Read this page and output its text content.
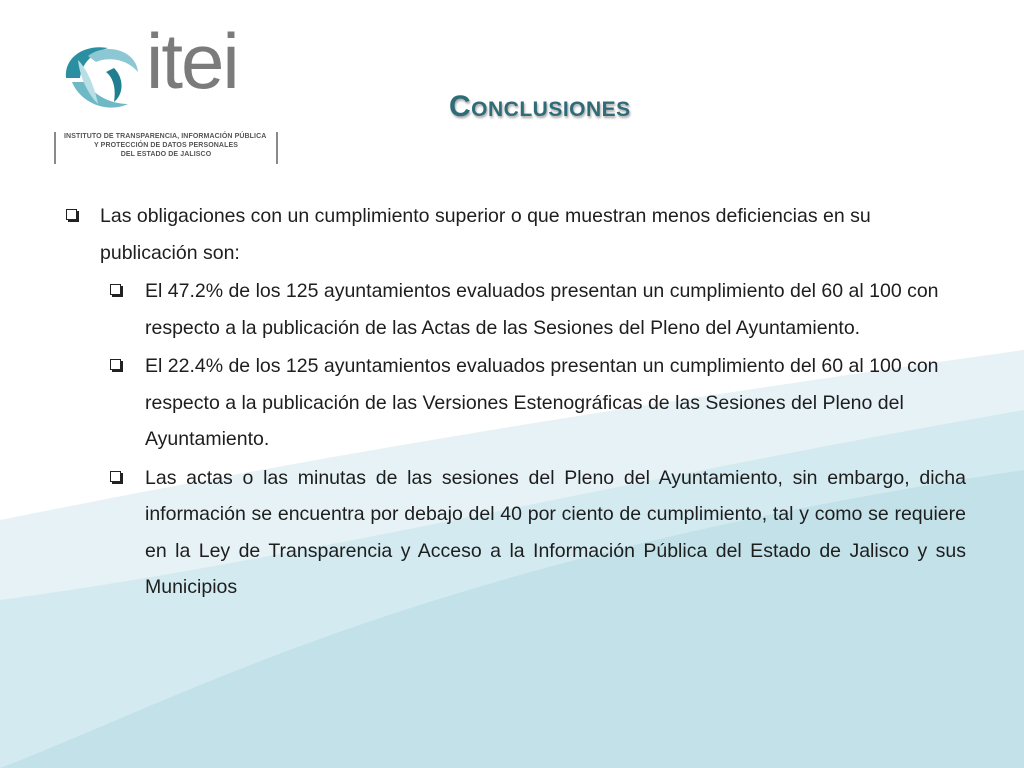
itei
INSTITUTO DE TRANSPARENCIA, INFORMACIÓN PÚBLICA
Y PROTECCIÓN DE DATOS PERSONALES
DEL ESTADO DE JALISCO
Conclusiones
Las obligaciones con un cumplimiento superior o que muestran menos deficiencias en su publicación son:
El 47.2% de los 125 ayuntamientos evaluados presentan un cumplimiento del 60 al 100 con respecto a la publicación de las Actas de las Sesiones del Pleno del Ayuntamiento.
El 22.4% de los 125 ayuntamientos evaluados presentan un cumplimiento del 60 al 100 con respecto a la publicación de las Versiones Estenográficas de las Sesiones del Pleno del Ayuntamiento.
Las actas o las minutas de las sesiones del Pleno del Ayuntamiento, sin embargo, dicha información se encuentra por debajo del 40 por ciento de cumplimiento, tal y como se requiere en la Ley de Transparencia y Acceso a la Información Pública del Estado de Jalisco y sus Municipios
